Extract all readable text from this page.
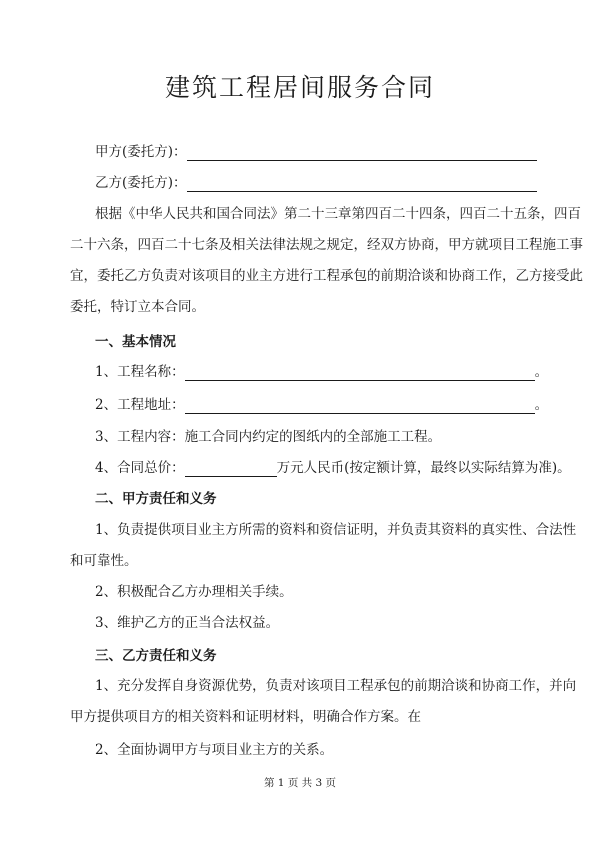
建筑工程居间服务合同
甲方(委托方)：
乙方(委托方)：
根据《中华人民共和国合同法》第二十三章第四百二十四条，四百二十五条，四百
二十六条，四百二十七条及相关法律法规之规定，经双方协商，甲方就项目工程施工事
宜，委托乙方负责对该项目的业主方进行工程承包的前期洽谈和协商工作，乙方接受此
委托，特订立本合同。
一、基本情况
1、工程名称：	。
2、工程地址：	。
3、工程内容：施工合同内约定的图纸内的全部施工工程。
4、合同总价：	万元人民币(按定额计算，最终以实际结算为准)。
二、甲方责任和义务
1、负责提供项目业主方所需的资料和资信证明，并负责其资料的真实性、合法性
和可靠性。
2、积极配合乙方办理相关手续。
3、维护乙方的正当合法权益。
三、乙方责任和义务
1、充分发挥自身资源优势，负责对该项目工程承包的前期洽谈和协商工作，并向
甲方提供项目方的相关资料和证明材料，明确合作方案。在
2、全面协调甲方与项目业主方的关系。
第 1 页 共 3 页
